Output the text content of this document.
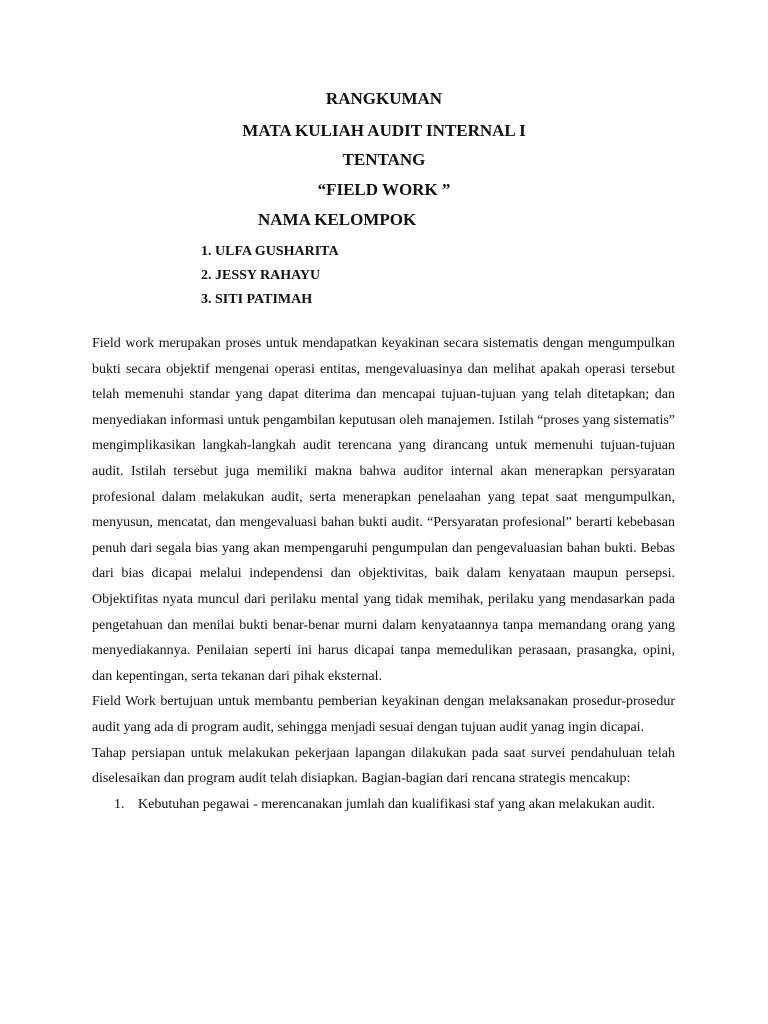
RANGKUMAN
MATA KULIAH AUDIT INTERNAL I
TENTANG
“FIELD WORK ”
NAMA KELOMPOK
1. ULFA GUSHARITA
2. JESSY RAHAYU
3. SITI PATIMAH

Field work merupakan proses untuk mendapatkan keyakinan secara sistematis dengan mengumpulkan bukti secara objektif mengenai operasi entitas, mengevaluasinya dan melihat apakah operasi tersebut telah memenuhi standar yang dapat diterima dan mencapai tujuan-tujuan yang telah ditetapkan; dan menyediakan informasi untuk pengambilan keputusan oleh manajemen. Istilah “proses yang sistematis” mengimplikasikan langkah-langkah audit terencana yang dirancang untuk memenuhi tujuan-tujuan audit. Istilah tersebut juga memiliki makna bahwa auditor internal akan menerapkan persyaratan profesional dalam melakukan audit, serta menerapkan penelaahan yang tepat saat mengumpulkan, menyusun, mencatat, dan mengevaluasi bahan bukti audit. “Persyaratan profesional” berarti kebebasan penuh dari segala bias yang akan mempengaruhi pengumpulan dan pengevaluasian bahan bukti. Bebas dari bias dicapai melalui independensi dan objektivitas, baik dalam kenyataan maupun persepsi. Objektifitas nyata muncul dari perilaku mental yang tidak memihak, perilaku yang mendasarkan pada pengetahuan dan menilai bukti benar-benar murni dalam kenyataannya tanpa memandang orang yang menyediakannya. Penilaian seperti ini harus dicapai tanpa memedulikan perasaan, prasangka, opini, dan kepentingan, serta tekanan dari pihak eksternal.

Field Work bertujuan untuk membantu pemberian keyakinan dengan melaksanakan prosedur-prosedur audit yang ada di program audit, sehingga menjadi sesuai dengan tujuan audit yanag ingin dicapai.

Tahap persiapan untuk melakukan pekerjaan lapangan dilakukan pada saat survei pendahuluan telah diselesaikan dan program audit telah disiapkan. Bagian-bagian dari rencana strategis mencakup:

1. Kebutuhan pegawai - merencanakan jumlah dan kualifikasi staf yang akan melakukan audit.
